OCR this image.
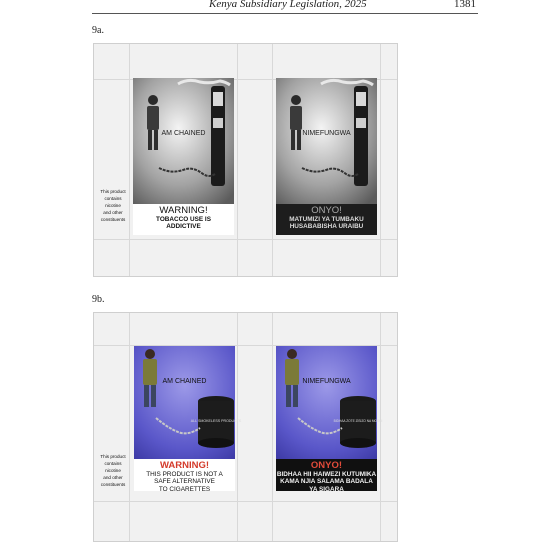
Kenya Subsidiary Legislation, 2025	1381
9a.
This product
contains
nicotine
and other
constituents
AM CHAINED
WARNING!
TOBACCO USE IS
ADDICTIVE
NIMEFUNGWA
ONYO!
MATUMIZI YA TUMBAKU
HUSABABISHA URAIBU
9b.
This product
contains
nicotine
and other
constituents
ALL SMOKELESS PRODUCTS
AM CHAINED
WARNING!
THIS PRODUCT IS NOT A
SAFE ALTERNATIVE
TO CIGARETTES
BIDHAA ZOTE ZISIZO NA MOSHI
NIMEFUNGWA
ONYO!
BIDHAA HII HAIWEZI KUTUMIKA
KAMA NJIA SALAMA BADALA
YA SIGARA
